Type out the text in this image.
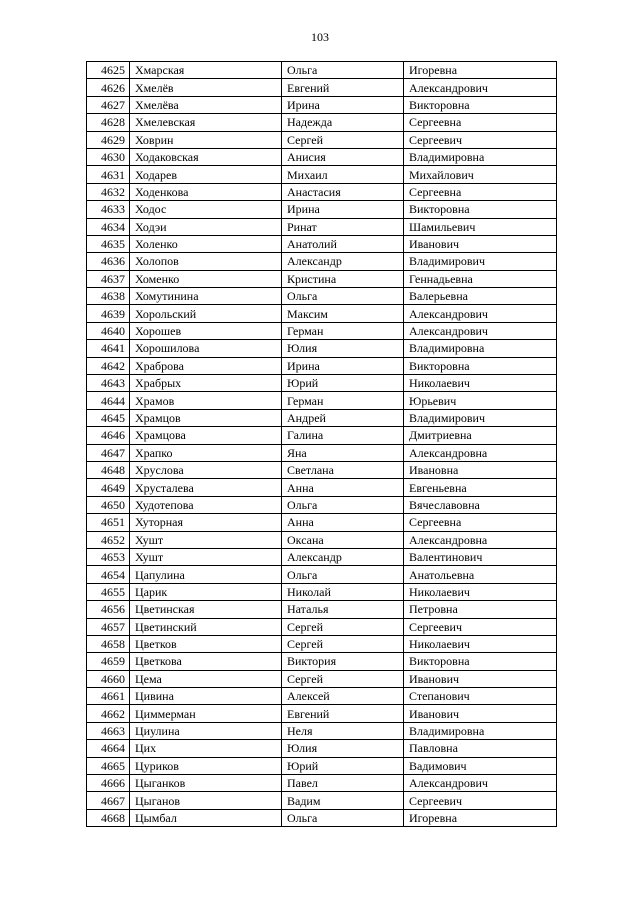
103
4625	Хмарская	Ольга	Игоревна
4626	Хмелёв	Евгений	Александрович
4627	Хмелёва	Ирина	Викторовна
4628	Хмелевская	Надежда	Сергеевна
4629	Ховрин	Сергей	Сергеевич
4630	Ходаковская	Анисия	Владимировна
4631	Ходарев	Михаил	Михайлович
4632	Ходенкова	Анастасия	Сергеевна
4633	Ходос	Ирина	Викторовна
4634	Ходэи	Ринат	Шамильевич
4635	Холенко	Анатолий	Иванович
4636	Холопов	Александр	Владимирович
4637	Хоменко	Кристина	Геннадьевна
4638	Хомутинина	Ольга	Валерьевна
4639	Хорольский	Максим	Александрович
4640	Хорошев	Герман	Александрович
4641	Хорошилова	Юлия	Владимировна
4642	Храброва	Ирина	Викторовна
4643	Храбрых	Юрий	Николаевич
4644	Храмов	Герман	Юрьевич
4645	Храмцов	Андрей	Владимирович
4646	Храмцова	Галина	Дмитриевна
4647	Храпко	Яна	Александровна
4648	Хруслова	Светлана	Ивановна
4649	Хрусталева	Анна	Евгеньевна
4650	Худотепова	Ольга	Вячеславовна
4651	Хуторная	Анна	Сергеевна
4652	Хушт	Оксана	Александровна
4653	Хушт	Александр	Валентинович
4654	Цапулина	Ольга	Анатольевна
4655	Царик	Николай	Николаевич
4656	Цветинская	Наталья	Петровна
4657	Цветинский	Сергей	Сергеевич
4658	Цветков	Сергей	Николаевич
4659	Цветкова	Виктория	Викторовна
4660	Цема	Сергей	Иванович
4661	Цивина	Алексей	Степанович
4662	Циммерман	Евгений	Иванович
4663	Циулина	Неля	Владимировна
4664	Цих	Юлия	Павловна
4665	Цуриков	Юрий	Вадимович
4666	Цыганков	Павел	Александрович
4667	Цыганов	Вадим	Сергеевич
4668	Цымбал	Ольга	Игоревна
